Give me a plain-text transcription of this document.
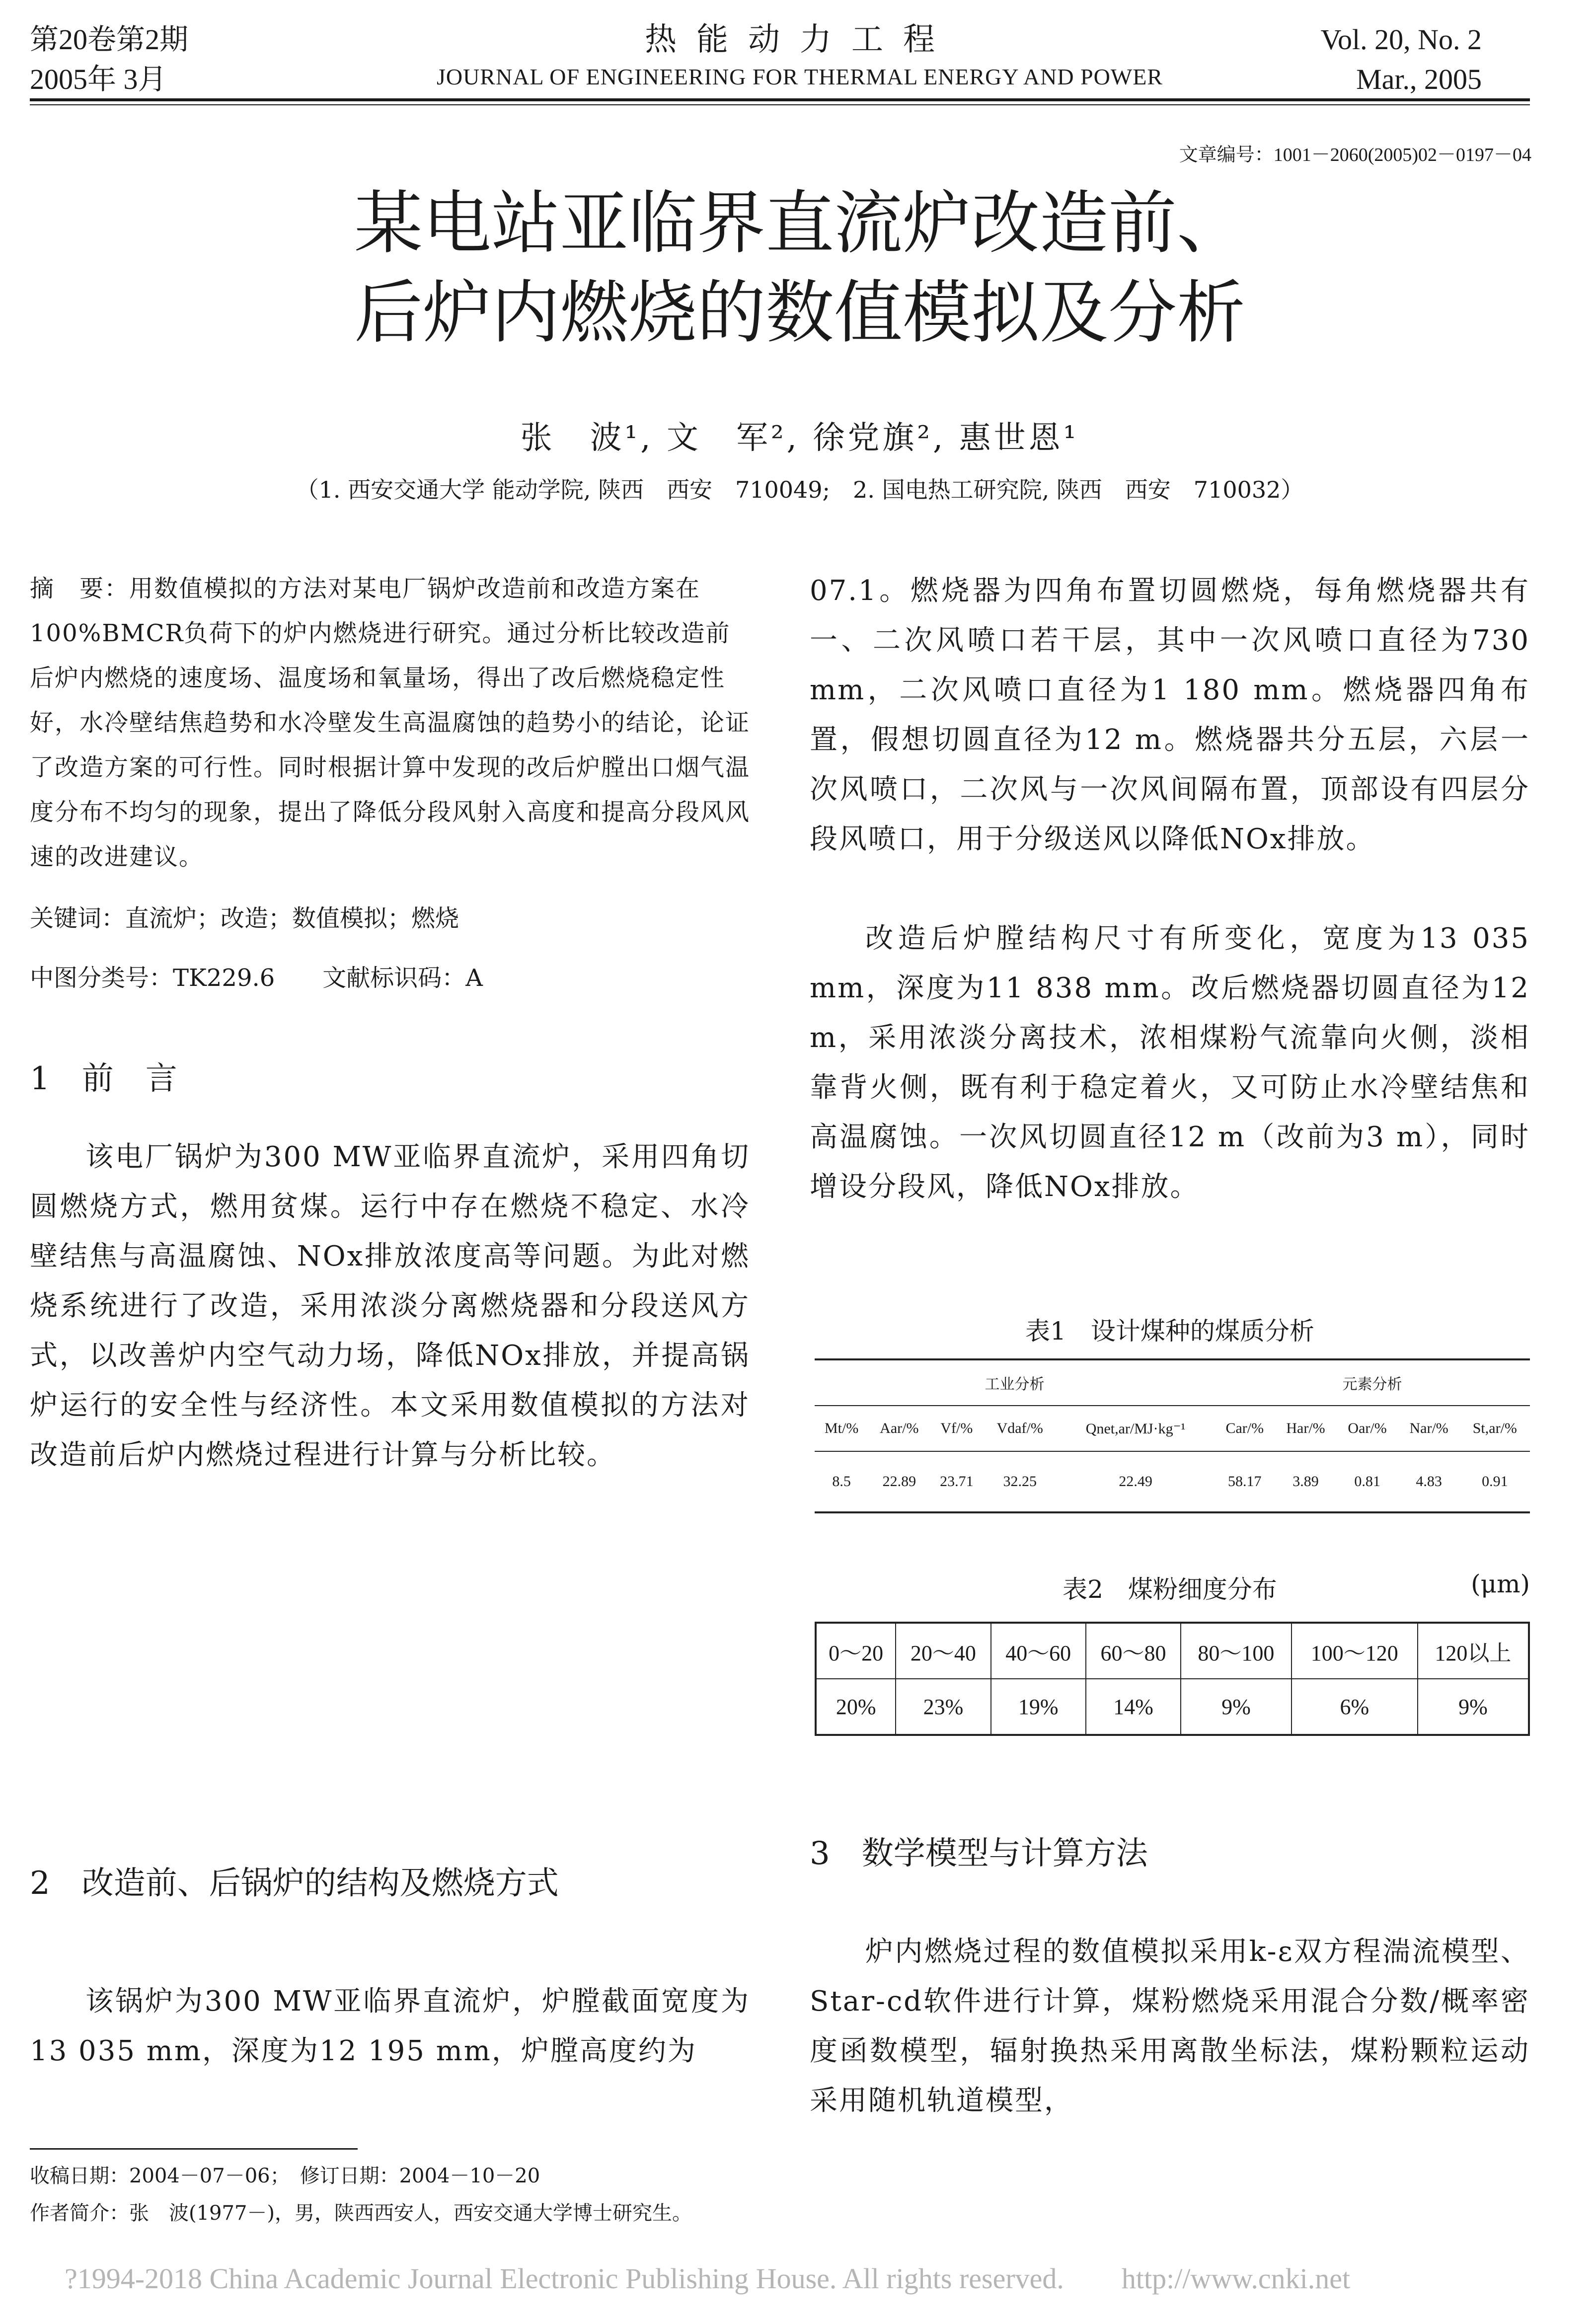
第20卷第2期
2005年 3月
热能动力工程
JOURNAL OF ENGINEERING FOR THERMAL ENERGY AND POWER
Vol. 20, No. 2
Mar., 2005
文章编号：1001－2060(2005)02－0197－04
某电站亚临界直流炉改造前、
后炉内燃烧的数值模拟及分析
张　波¹, 文　军², 徐党旗², 惠世恩¹
（1. 西安交通大学 能动学院, 陕西　西安　710049;　2. 国电热工研究院, 陕西　西安　710032）
摘　要：用数值模拟的方法对某电厂锅炉改造前和改造方案在100%BMCR负荷下的炉内燃烧进行研究。通过分析比较改造前后炉内燃烧的速度场、温度场和氧量场，得出了改后燃烧稳定性好，水冷壁结焦趋势和水冷壁发生高温腐蚀的趋势小的结论，论证了改造方案的可行性。同时根据计算中发现的改后炉膛出口烟气温度分布不均匀的现象，提出了降低分段风射入高度和提高分段风风速的改进建议。
关键词：直流炉；改造；数值模拟；燃烧
中图分类号：TK229.6　　文献标识码：A
1　前　言
该电厂锅炉为300 MW亚临界直流炉，采用四角切圆燃烧方式，燃用贫煤。运行中存在燃烧不稳定、水冷壁结焦与高温腐蚀、NOx排放浓度高等问题。为此对燃烧系统进行了改造，采用浓淡分离燃烧器和分段送风方式，以改善炉内空气动力场，降低NOx排放，并提高锅炉运行的安全性与经济性。本文采用数值模拟的方法对改造前后炉内燃烧过程进行计算与分析比较。
2　改造前、后锅炉的结构及燃烧方式
该锅炉为300 MW亚临界直流炉，炉膛截面宽度为13 035 mm，深度为12 195 mm，炉膛高度约为
收稿日期：2004－07－06；　修订日期：2004－10－20
作者简介：张　波(1977－)，男，陕西西安人，西安交通大学博士研究生。
07.1。燃烧器为四角布置切圆燃烧，每角燃烧器共有一、二次风喷口若干层，其中一次风喷口直径为730 mm，二次风喷口直径为1 180 mm。燃烧器四角布置，假想切圆直径为12 m。燃烧器共分五层，六层一次风喷口，二次风与一次风间隔布置，顶部设有四层分段风喷口，用于分级送风以降低NOx排放。
改造后炉膛结构尺寸有所变化，宽度为13 035 mm，深度为11 838 mm。改后燃烧器切圆直径为12 m，采用浓淡分离技术，浓相煤粉气流靠向火侧，淡相靠背火侧，既有利于稳定着火，又可防止水冷壁结焦和高温腐蚀。一次风切圆直径12 m（改前为3 m），同时增设分段风，降低NOx排放。
表1　设计煤种的煤质分析
工业分析					元素分析				
Mt/%	Aar/%	Vf/%	Vdaf/%	Qnet,ar/MJ·kg⁻¹	Car/%	Har/%	Oar/%	Nar/%	St,ar/%
8.5	22.89	23.71	32.25	22.49	58.17	3.89	0.81	4.83	0.91
表2　煤粉细度分布	(μm)
0～20	20～40	40～60	60～80	80～100	100～120	120以上
20%	23%	19%	14%	9%	6%	9%
3　数学模型与计算方法
炉内燃烧过程的数值模拟采用k-ε双方程湍流模型、Star-cd软件进行计算，煤粉燃烧采用混合分数/概率密度函数模型，辐射换热采用离散坐标法，煤粉颗粒运动采用随机轨道模型，
?1994-2018 China Academic Journal Electronic Publishing House. All rights reserved.　　http://www.cnki.net
